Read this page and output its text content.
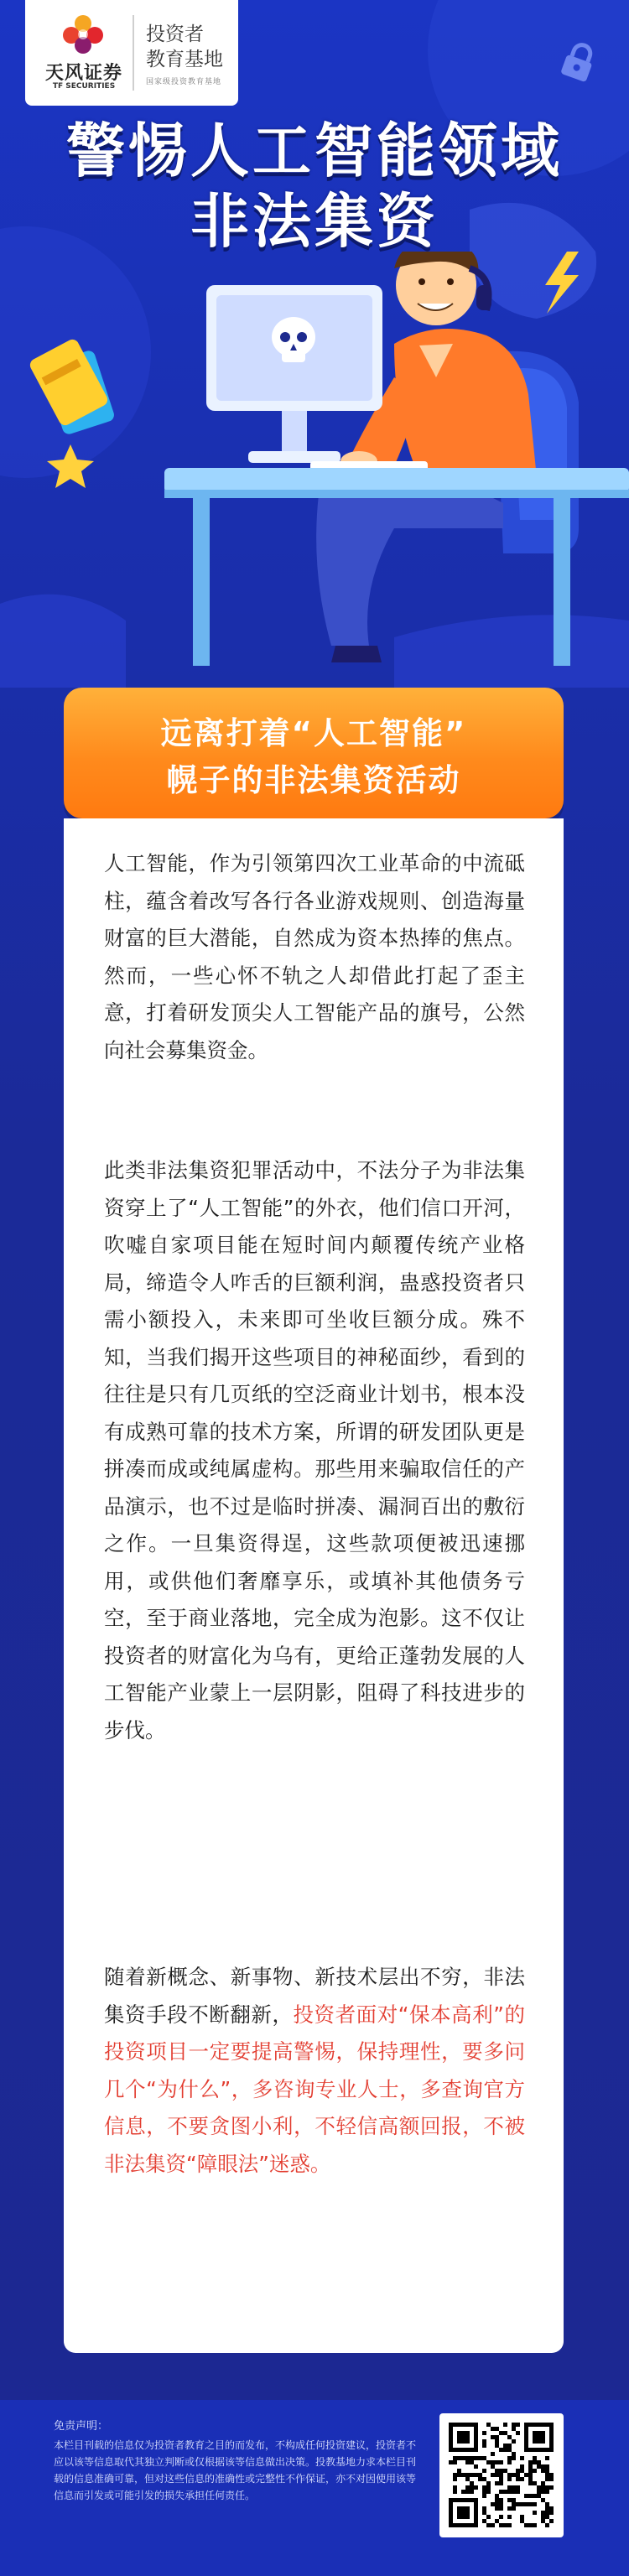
天风证券
TF SECURITIES
投资者
教育基地
国家级投资教育基地
警惕人工智能领域
非法集资
远离打着“人工智能”
幌子的非法集资活动
人工智能，作为引领第四次工业革命的中流砥柱，蕴含着改写各行各业游戏规则、创造海量财富的巨大潜能，自然成为资本热捧的焦点。然而，一些心怀不轨之人却借此打起了歪主意，打着研发顶尖人工智能产品的旗号，公然向社会募集资金。
此类非法集资犯罪活动中，不法分子为非法集资穿上了“人工智能”的外衣，他们信口开河，吹嘘自家项目能在短时间内颠覆传统产业格局，缔造令人咋舌的巨额利润，蛊惑投资者只需小额投入，未来即可坐收巨额分成。殊不知，当我们揭开这些项目的神秘面纱，看到的往往是只有几页纸的空泛商业计划书，根本没有成熟可靠的技术方案，所谓的研发团队更是拼凑而成或纯属虚构。那些用来骗取信任的产品演示，也不过是临时拼凑、漏洞百出的敷衍之作。一旦集资得逞，这些款项便被迅速挪用，或供他们奢靡享乐，或填补其他债务亏空，至于商业落地，完全成为泡影。这不仅让投资者的财富化为乌有，更给正蓬勃发展的人工智能产业蒙上一层阴影，阻碍了科技进步的步伐。
随着新概念、新事物、新技术层出不穷，非法集资手段不断翻新，投资者面对“保本高利”的投资项目一定要提高警惕，保持理性，要多问几个“为什么”，多咨询专业人士，多查询官方信息，不要贪图小利，不轻信高额回报，不被非法集资“障眼法”迷惑。
免责声明：
本栏目刊载的信息仅为投资者教育之目的而发布，不构成任何投资建议，投资者不应以该等信息取代其独立判断或仅根据该等信息做出决策。投教基地力求本栏目刊载的信息准确可靠，但对这些信息的准确性或完整性不作保证，亦不对因使用该等信息而引发或可能引发的损失承担任何责任。
